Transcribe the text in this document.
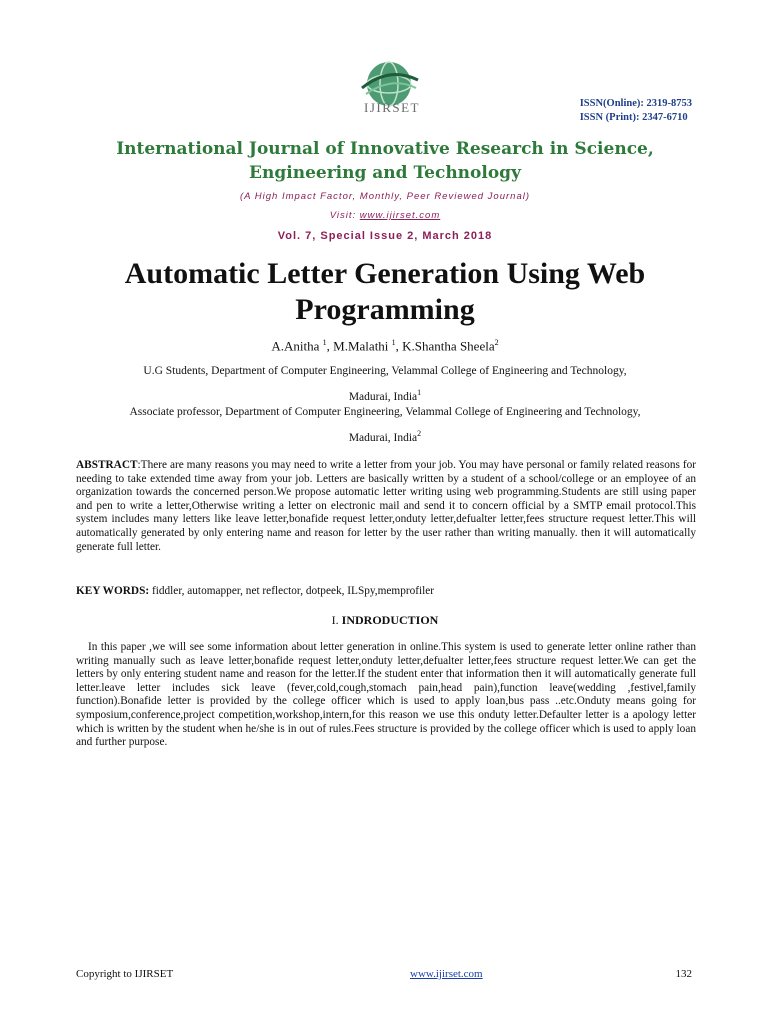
IJIRSET	ISSN(Online): 2319-8753
ISSN (Print): 2347-6710
International Journal of Innovative Research in Science,
Engineering and Technology
(A High Impact Factor, Monthly, Peer Reviewed Journal)
Visit: www.ijirset.com
Vol. 7, Special Issue 2, March 2018
Automatic Letter Generation Using Web
Programming
A.Anitha $^1$, M.Malathi $^1$, K.Shantha Sheela$^2$
U.G Students, Department of Computer Engineering, Velammal College of Engineering and Technology,
Madurai, India$^1$
Associate professor, Department of Computer Engineering, Velammal College of Engineering and Technology,
Madurai, India$^2$
ABSTRACT:There are many reasons you may need to write a letter from your job. You may have personal or family related reasons for needing to take extended time away from your job. Letters are basically written by a student of a school/college or an employee of an organization towards the concerned person.We propose automatic letter writing using web programming.Students are still using paper and pen to write a letter,Otherwise writing a letter on electronic mail and send it to concern official by a SMTP email protocol.This system includes many letters like leave letter,bonafide request letter,onduty letter,defualter letter,fees structure request letter.This will automatically generated by only entering name and reason for letter by the user rather than writing manually. then it will automatically generate full letter.
KEY WORDS: fiddler, automapper, net reflector, dotpeek, ILSpy,memprofiler
I. INDRODUCTION
In this paper ,we will see some information about letter generation in online.This system is used to generate letter online rather than writing manually such as leave letter,bonafide request letter,onduty letter,defualter letter,fees structure request letter.We can get the letters by only entering student name and reason for the letter.If the student enter that information then it will automatically generate full letter.leave letter includes sick leave (fever,cold,cough,stomach pain,head pain),function leave(wedding ,festivel,family function).Bonafide letter is provided by the college officer which is used to apply loan,bus pass ..etc.Onduty means going for symposium,conference,project competition,workshop,intern,for this reason we use this onduty letter.Defaulter letter is a apology letter which is written by the student when he/she is in out of rules.Fees structure is provided by the college officer which is used to apply loan and further purpose.
Copyright to IJIRSET	www.ijirset.com	132
